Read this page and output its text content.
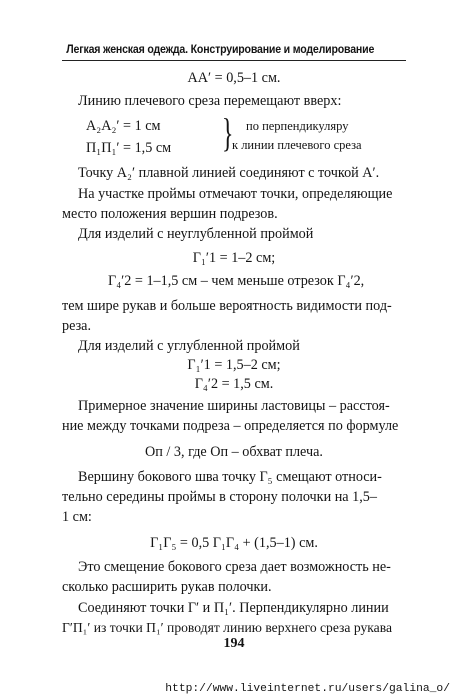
Легкая женская одежда. Конструирование и моделирование
AA′ = 0,5–1 см.
Линию плечевого среза перемещают вверх:
A₂A₂′ = 1 см	по перпендикуляру
}
П₁П₁′ = 1,5 см	к линии плечевого среза
Точку A₂′ плавной линией соединяют с точкой A′.
На участке проймы отмечают точки, определяющие
место положения вершин подрезов.
Для изделий с неуглубленной проймой
Г₁′1 = 1–2 см;
Г₄′2 = 1–1,5 см – чем меньше отрезок Г₄′2,
тем шире рукав и больше вероятность видимости под-
реза.
Для изделий с углубленной проймой
Г₁′1 = 1,5–2 см;
Г₄′2 = 1,5 см.
Примерное значение ширины ластовицы – расстоя-
ние между точками подреза – определяется по формуле
Oп / 3, где Oп – обхват плеча.
Вершину бокового шва точку Г₅ смещают относи-
тельно середины проймы в сторону полочки на 1,5–
1 см:
Г₁Г₅ = 0,5 Г₁Г₄ + (1,5–1) см.
Это смещение бокового среза дает возможность не-
сколько расширить рукав полочки.
Соединяют точки Г′ и П₁′. Перпендикулярно линии
Г′П₁′ из точки П₁′ проводят линию верхнего среза рукава
194
http://www.liveinternet.ru/users/galina_o/
